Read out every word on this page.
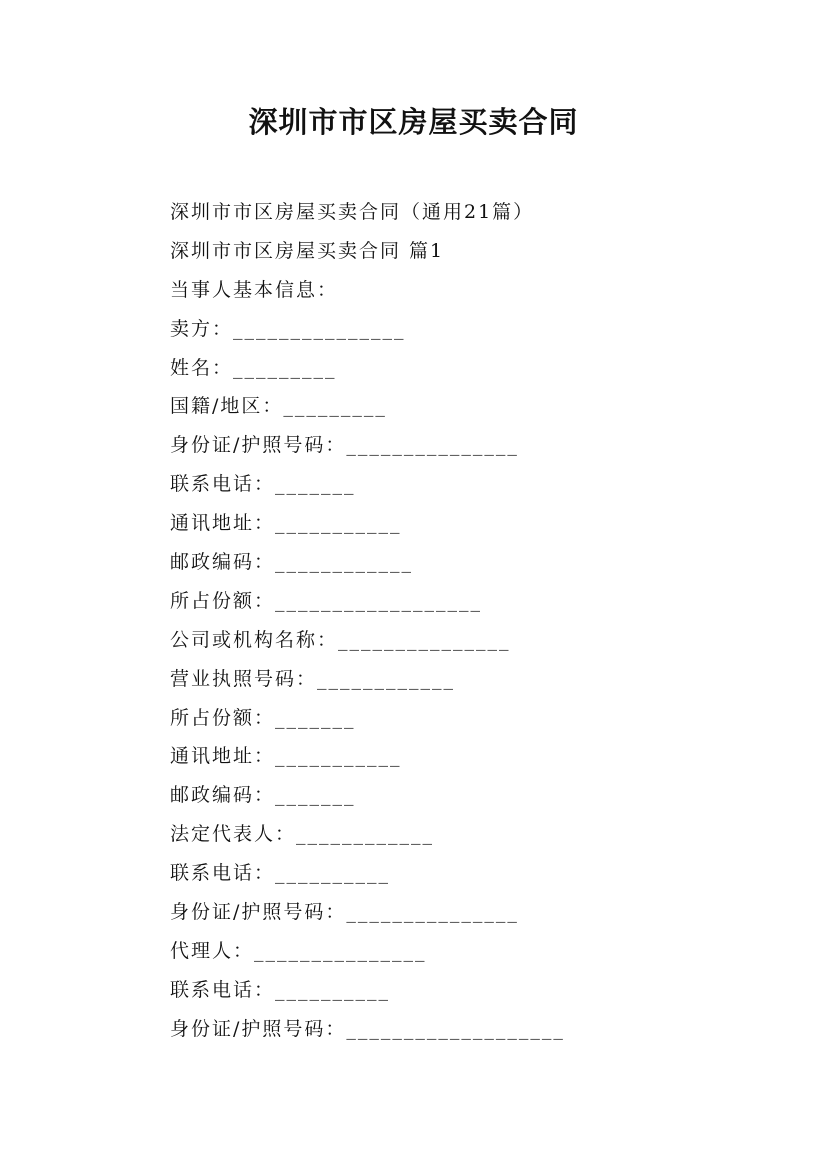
深圳市市区房屋买卖合同
深圳市市区房屋买卖合同（通用21篇）
深圳市市区房屋买卖合同 篇1
当事人基本信息：
卖方：_______________
姓名：_________
国籍/地区：_________
身份证/护照号码：_______________
联系电话：_______
通讯地址：___________
邮政编码：____________
所占份额：__________________
公司或机构名称：_______________
营业执照号码：____________
所占份额：_______
通讯地址：___________
邮政编码：_______
法定代表人：____________
联系电话：__________
身份证/护照号码：_______________
代理人：_______________
联系电话：__________
身份证/护照号码：___________________
